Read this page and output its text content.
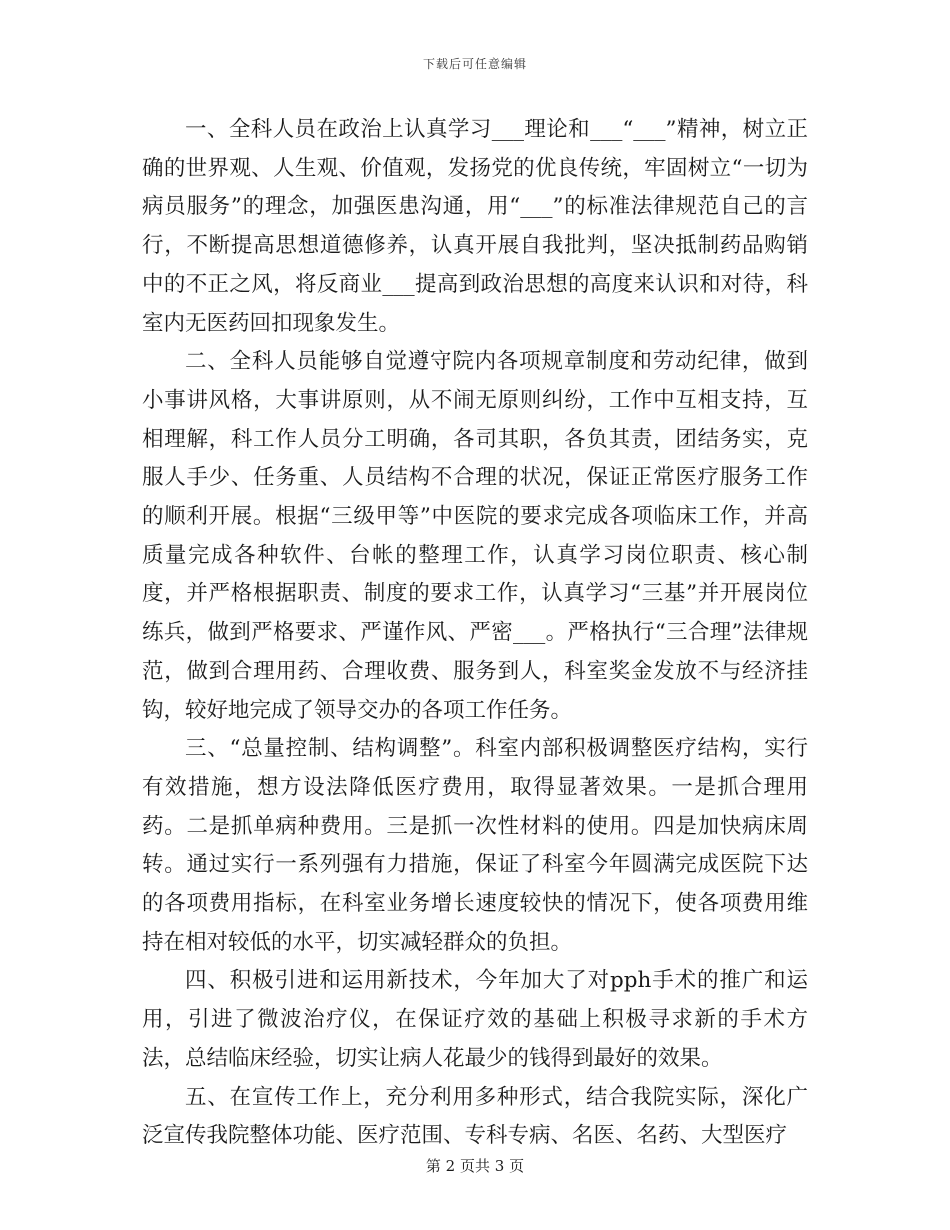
下载后可任意编辑

一、全科人员在政治上认真学习___理论和___“___”精神，树立正确的世界观、人生观、价值观，发扬党的优良传统，牢固树立“一切为病员服务”的理念，加强医患沟通，用“___”的标准法律规范自己的言行，不断提高思想道德修养，认真开展自我批判，坚决抵制药品购销中的不正之风，将反商业___提高到政治思想的高度来认识和对待，科室内无医药回扣现象发生。

二、全科人员能够自觉遵守院内各项规章制度和劳动纪律，做到小事讲风格，大事讲原则，从不闹无原则纠纷，工作中互相支持，互相理解，科工作人员分工明确，各司其职，各负其责，团结务实，克服人手少、任务重、人员结构不合理的状况，保证正常医疗服务工作的顺利开展。根据“三级甲等”中医院的要求完成各项临床工作，并高质量完成各种软件、台帐的整理工作，认真学习岗位职责、核心制度，并严格根据职责、制度的要求工作，认真学习“三基”并开展岗位练兵，做到严格要求、严谨作风、严密___。严格执行“三合理”法律规范，做到合理用药、合理收费、服务到人，科室奖金发放不与经济挂钩，较好地完成了领导交办的各项工作任务。

三、“总量控制、结构调整”。科室内部积极调整医疗结构，实行有效措施，想方设法降低医疗费用，取得显著效果。一是抓合理用药。二是抓单病种费用。三是抓一次性材料的使用。四是加快病床周转。通过实行一系列强有力措施，保证了科室今年圆满完成医院下达的各项费用指标，在科室业务增长速度较快的情况下，使各项费用维持在相对较低的水平，切实减轻群众的负担。

四、积极引进和运用新技术，今年加大了对pph手术的推广和运用，引进了微波治疗仪，在保证疗效的基础上积极寻求新的手术方法，总结临床经验，切实让病人花最少的钱得到最好的效果。

五、在宣传工作上，充分利用多种形式，结合我院实际，深化广泛宣传我院整体功能、医疗范围、专科专病、名医、名药、大型医疗

第 2 页共 3 页
